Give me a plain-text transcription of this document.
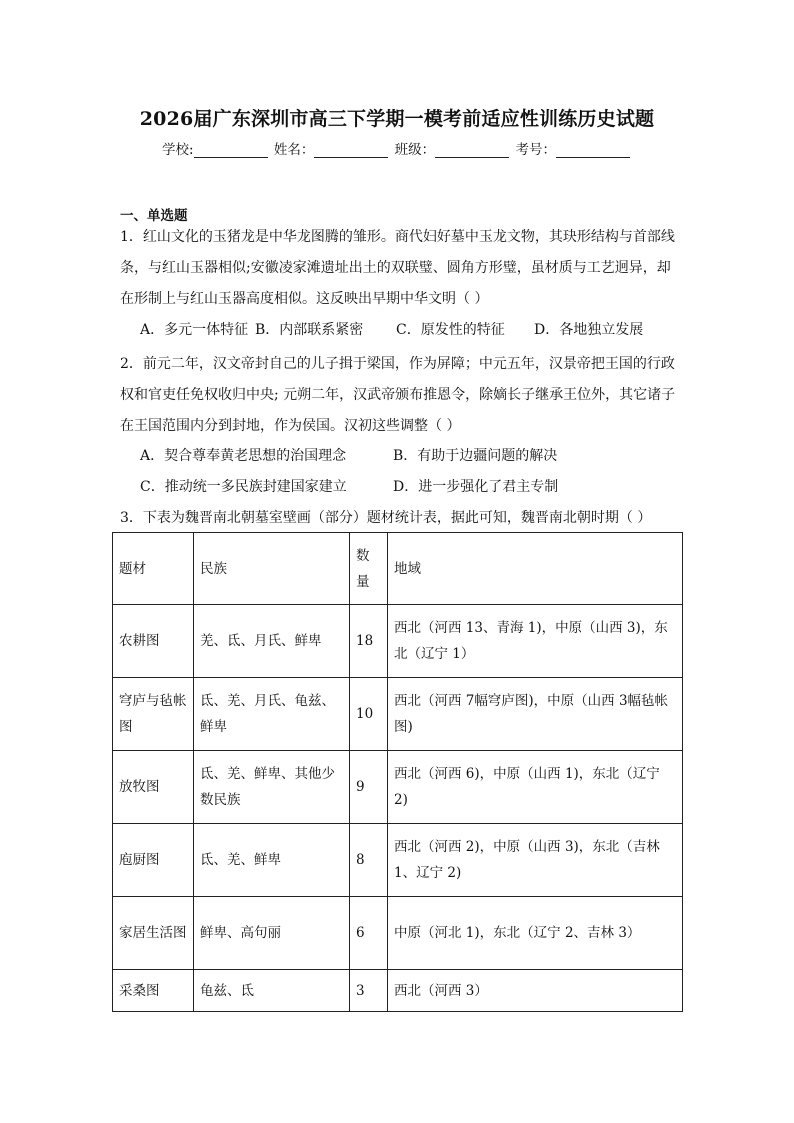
2026届广东深圳市高三下学期一模考前适应性训练历史试题
学校:	姓名：	班级：	考号：
一、单选题
1．红山文化的玉猪龙是中华龙图腾的雏形。商代妇好墓中玉龙文物，其玦形结构与首部线条，与红山玉器相似;安徽凌家滩遗址出土的双联璧、圆角方形璧，虽材质与工艺迥异，却在形制上与红山玉器高度相似。这反映出早期中华文明（ ）
A．多元一体特征 B．内部联系紧密 C．原发性的特征 D．各地独立发展
2．前元二年，汉文帝封自己的儿子揖于梁国，作为屏障；中元五年，汉景帝把王国的行政权和官吏任免权收归中央; 元朔二年，汉武帝颁布推恩令，除嫡长子继承王位外，其它诸子在王国范围内分到封地，作为侯国。汉初这些调整（ ）
A．契合尊奉黄老思想的治国理念	B．有助于边疆问题的解决
C．推动统一多民族封建国家建立	D．进一步强化了君主专制
3．下表为魏晋南北朝墓室壁画（部分）题材统计表，据此可知，魏晋南北朝时期（ ）
题材	民族	数量	地域
农耕图	羌、氐、月氏、鲜卑	18	西北（河西 13、青海 1)，中原（山西 3)，东北（辽宁 1）
穹庐与毡帐图	氐、羌、月氏、龟兹、鲜卑	10	西北（河西 7幅穹庐图)，中原（山西 3幅毡帐图)
放牧图	氐、羌、鲜卑、其他少数民族	9	西北（河西 6)，中原（山西 1)，东北（辽宁 2)
庖厨图	氐、羌、鲜卑	8	西北（河西 2)，中原（山西 3)，东北（吉林 1、辽宁 2)
家居生活图	鲜卑、高句丽	6	中原（河北 1)，东北（辽宁 2、吉林 3）
采桑图	龟兹、氐	3	西北（河西 3）
